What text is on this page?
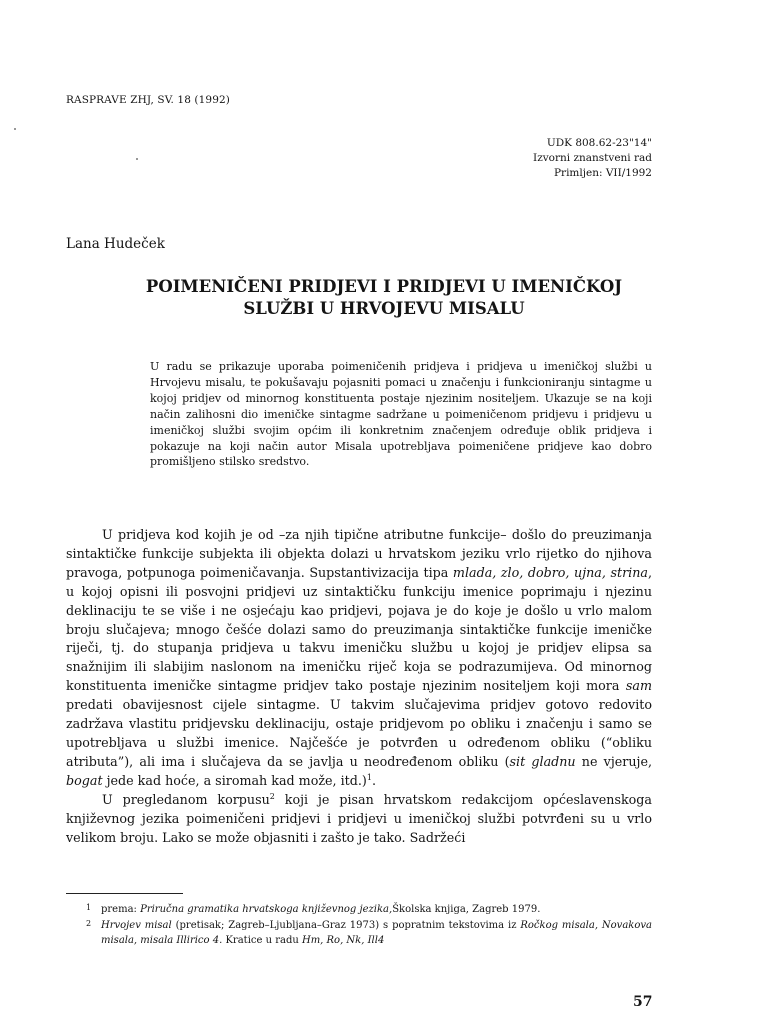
RASPRAVE ZHJ, SV. 18 (1992)
UDK 808.62-23"14"
Izvorni znanstveni rad
Primljen: VII/1992
Lana Hudeček
POIMENIČENI PRIDJEVI I PRIDJEVI U IMENIČKOJ
SLUŽBI U HRVOJEVU MISALU

U radu se prikazuje uporaba poimeničenih pridjeva i pridjeva u imeničkoj službi u Hrvojevu misalu, te pokušavaju pojasniti pomaci u značenju i funkcioniranju sintagme u kojoj pridjev od minornog konstituenta postaje njezinim nositeljem. Ukazuje se na koji način zalihosni dio imeničke sintagme sadržane u poimeničenom pridjevu i pridjevu u imeničkoj službi svojim općim ili konkretnim značenjem određuje oblik pridjeva i pokazuje na koji način autor Misala upotrebljava poimeničene pridjeve kao dobro promišljeno stilsko sredstvo.

U pridjeva kod kojih je od –za njih tipične atributne funkcije– došlo do preuzimanja sintaktičke funkcije subjekta ili objekta dolazi u hrvatskom jeziku vrlo rijetko do njihova pravoga, potpunoga poimeničavanja. Supstantivizacija tipa mlada, zlo, dobro, ujna, strina, u kojoj opisni ili posvojni pridjevi uz sintaktičku funkciju imenice poprimaju i njezinu deklinaciju te se više i ne osjećaju kao pridjevi, pojava je do koje je došlo u vrlo malom broju slučajeva; mnogo češće dolazi samo do preuzimanja sintaktičke funkcije imeničke riječi, tj. do stupanja pridjeva u takvu imeničku službu u kojoj je pridjev elipsa sa snažnijim ili slabijim naslonom na imeničku riječ koja se podrazumijeva. Od minornog konstituenta imeničke sintagme pridjev tako postaje njezinim nositeljem koji mora sam predati obavijesnost cijele sintagme. U takvim slučajevima pridjev gotovo redovito zadržava vlastitu pridjevsku deklinaciju, ostaje pridjevom po obliku i značenju i samo se upotrebljava u službi imenice. Najčešće je potvrđen u određenom obliku (“obliku atributa”), ali ima i slučajeva da se javlja u neodređenom obliku (sit gladnu ne vjeruje, bogat jede kad hoće, a siromah kad može, itd.)$^1$.

U pregledanom korpusu$^2$ koji je pisan hrvatskom redakcijom općeslavenskoga književnog jezika poimeničeni pridjevi i pridjevi u imeničkoj službi potvrđeni su u vrlo velikom broju. Lako se može objasniti i zašto je tako. Sadržeći

1 prema: Priručna gramatika hrvatskoga književnog jezika,Školska knjiga, Zagreb 1979.
2 Hrvojev misal (pretisak; Zagreb–Ljubljana–Graz 1973) s popratnim tekstovima iz Ročkog misala, Novakova misala, misala Illirico 4. Kratice u radu Hm, Ro, Nk, Ill4
57
